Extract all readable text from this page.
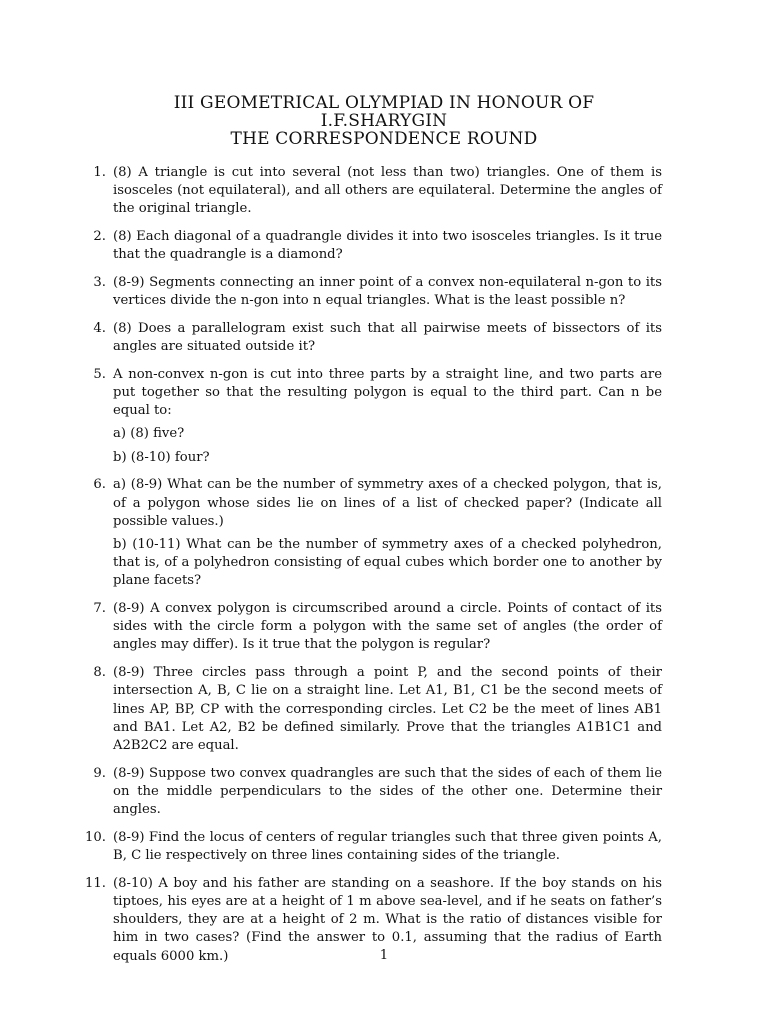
III GEOMETRICAL OLYMPIAD IN HONOUR OF
I.F.SHARYGIN
THE CORRESPONDENCE ROUND
1. (8) A triangle is cut into several (not less than two) triangles. One of them is isosceles (not equilateral), and all others are equilateral. Determine the angles of the original triangle.
2. (8) Each diagonal of a quadrangle divides it into two isosceles triangles. Is it true that the quadrangle is a diamond?
3. (8-9) Segments connecting an inner point of a convex non-equilateral n-gon to its vertices divide the n-gon into n equal triangles. What is the least possible n?
4. (8) Does a parallelogram exist such that all pairwise meets of bissectors of its angles are situated outside it?
5. A non-convex n-gon is cut into three parts by a straight line, and two parts are put together so that the resulting polygon is equal to the third part. Can n be equal to:
a) (8) five?
b) (8-10) four?
6. a) (8-9) What can be the number of symmetry axes of a checked polygon, that is, of a polygon whose sides lie on lines of a list of checked paper? (Indicate all possible values.)
b) (10-11) What can be the number of symmetry axes of a checked polyhedron, that is, of a polyhedron consisting of equal cubes which border one to another by plane facets?
7. (8-9) A convex polygon is circumscribed around a circle. Points of contact of its sides with the circle form a polygon with the same set of angles (the order of angles may differ). Is it true that the polygon is regular?
8. (8-9) Three circles pass through a point P, and the second points of their intersection A, B, C lie on a straight line. Let A1, B1, C1 be the second meets of lines AP, BP, CP with the corresponding circles. Let C2 be the meet of lines AB1 and BA1. Let A2, B2 be defined similarly. Prove that the triangles A1B1C1 and A2B2C2 are equal.
9. (8-9) Suppose two convex quadrangles are such that the sides of each of them lie on the middle perpendiculars to the sides of the other one. Determine their angles.
10. (8-9) Find the locus of centers of regular triangles such that three given points A, B, C lie respectively on three lines containing sides of the triangle.
11. (8-10) A boy and his father are standing on a seashore. If the boy stands on his tiptoes, his eyes are at a height of 1 m above sea-level, and if he seats on father’s shoulders, they are at a height of 2 m. What is the ratio of distances visible for him in two cases? (Find the answer to 0.1, assuming that the radius of Earth equals 6000 km.)	1
